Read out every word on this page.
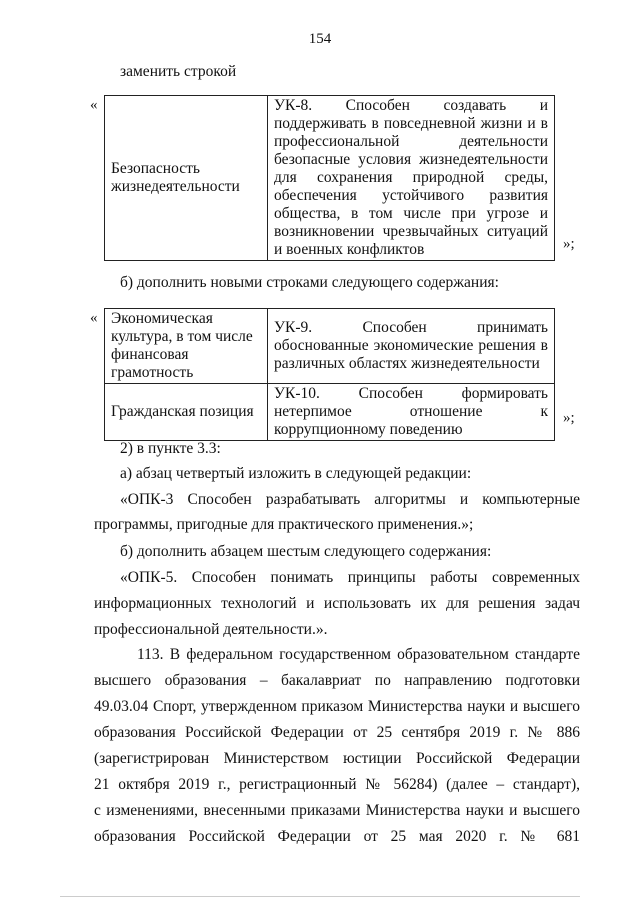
154
заменить строкой
«
Безопасность жизнедеятельности	УК-8. Способен создавать и поддерживать в повседневной жизни и в профессиональной деятельности безопасные условия жизнедеятельности для сохранения природной среды, обеспечения устойчивого развития общества, в том числе при угрозе и возникновении чрезвычайных ситуаций и военных конфликтов	»;
б) дополнить новыми строками следующего содержания:
« Экономическая культура, в том числе финансовая грамотность	УК-9. Способен принимать обоснованные экономические решения в различных областях жизнедеятельности
Гражданская позиция	УК-10. Способен формировать нетерпимое отношение к коррупционному поведению
»;
2) в пункте 3.3:
а) абзац четвертый изложить в следующей редакции:
«ОПК-3 Способен разрабатывать алгоритмы и компьютерные
программы, пригодные для практического применения.»;
б) дополнить абзацем шестым следующего содержания:
«ОПК-5. Способен понимать принципы работы современных
информационных технологий и использовать их для решения задач
профессиональной деятельности.».
113. В федеральном государственном образовательном стандарте
высшего образования – бакалавриат по направлению подготовки
49.03.04 Спорт, утвержденном приказом Министерства науки и высшего
образования Российской Федерации от 25 сентября 2019 г. № 886
(зарегистрирован Министерством юстиции Российской Федерации
21 октября 2019 г., регистрационный № 56284) (далее – стандарт),
с изменениями, внесенными приказами Министерства науки и высшего
образования Российской Федерации от 25 мая 2020 г. № 681
